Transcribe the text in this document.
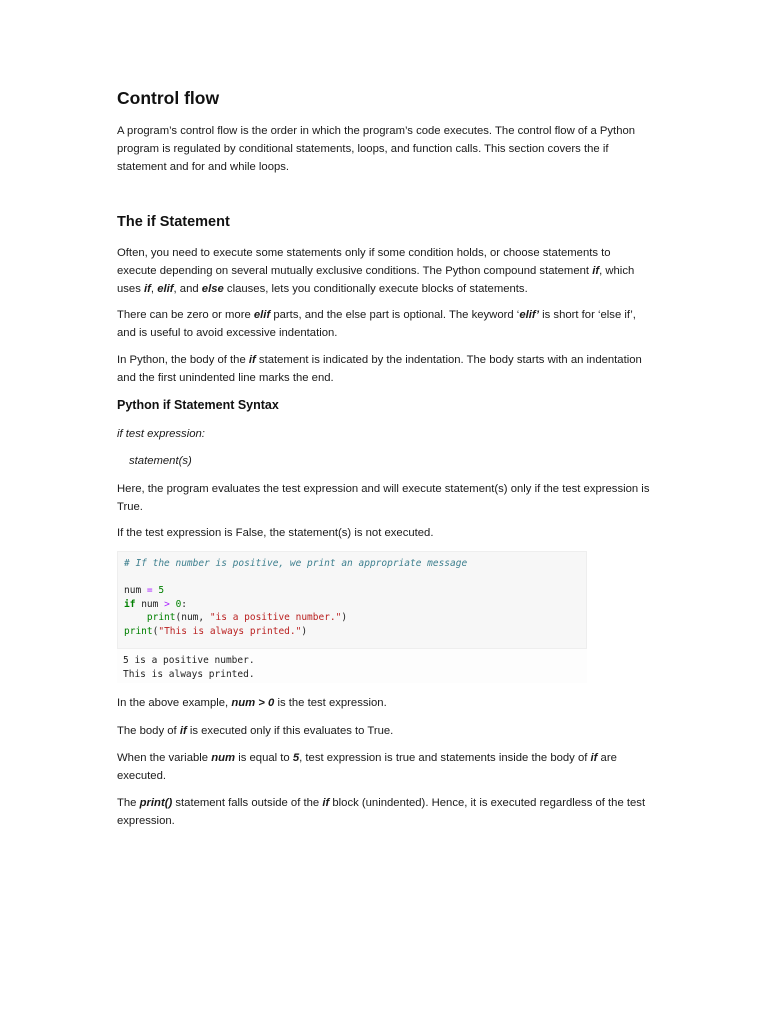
Control flow
A program’s control flow is the order in which the program’s code executes. The control flow of a Python program is regulated by conditional statements, loops, and function calls. This section covers the if statement and for and while loops.
The if Statement
Often, you need to execute some statements only if some condition holds, or choose statements to execute depending on several mutually exclusive conditions. The Python compound statement if, which uses if, elif, and else clauses, lets you conditionally execute blocks of statements.
There can be zero or more elif parts, and the else part is optional. The keyword ‘elif’ is short for ‘else if’, and is useful to avoid excessive indentation.
In Python, the body of the if statement is indicated by the indentation. The body starts with an indentation and the first unindented line marks the end.
Python if Statement Syntax
if test expression:
statement(s)
Here, the program evaluates the test expression and will execute statement(s) only if the test expression is True.
If the test expression is False, the statement(s) is not executed.
# If the number is positive, we print an appropriate message
num = 5
if num > 0:
print(num, "is a positive number.")
print("This is always printed.")
5 is a positive number.
This is always printed.
In the above example, num > 0 is the test expression.
The body of if is executed only if this evaluates to True.
When the variable num is equal to 5, test expression is true and statements inside the body of if are executed.
The print() statement falls outside of the if block (unindented). Hence, it is executed regardless of the test expression.
